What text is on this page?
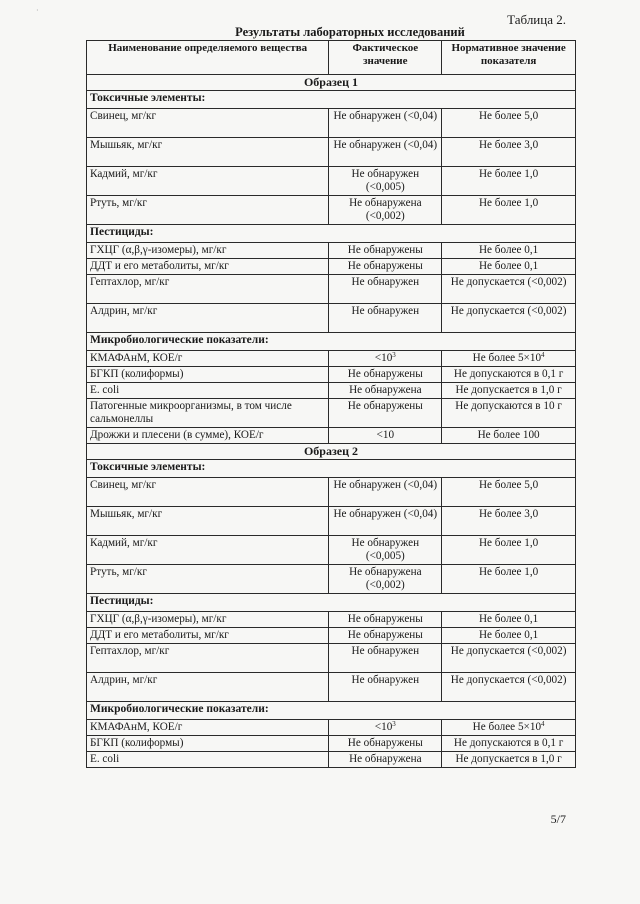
·
Таблица 2.
Результаты лабораторных исследований
Наименование определяемого вещества	Фактическое значение	Нормативное значение показателя
Образец 1		
Токсичные элементы:		
Свинец, мг/кг	Не обнаружен (<0,04)	Не более 5,0
Мышьяк, мг/кг	Не обнаружен (<0,04)	Не более 3,0
Кадмий, мг/кг	Не обнаружен (<0,005)	Не более 1,0
Ртуть, мг/кг	Не обнаружена (<0,002)	Не более 1,0
Пестициды:		
ГХЦГ (α,β,γ-изомеры), мг/кг	Не обнаружены	Не более 0,1
ДДТ и его метаболиты, мг/кг	Не обнаружены	Не более 0,1
Гептахлор, мг/кг	Не обнаружен	Не допускается (<0,002)
Алдрин, мг/кг	Не обнаружен	Не допускается (<0,002)
Микробиологические показатели:		
КМАФАнМ, КОЕ/г	$<10^3$	Не более $5\times 10^4$
БГКП (колиформы)	Не обнаружены	Не допускаются в 0,1 г
E. coli	Не обнаружена	Не допускается в 1,0 г
Патогенные микроорганизмы, в том числе сальмонеллы	Не обнаружены	Не допускаются в 10 г
Дрожжи и плесени (в сумме), КОЕ/г	<10	Не более 100
Образец 2		
Токсичные элементы:		
Свинец, мг/кг	Не обнаружен (<0,04)	Не более 5,0
Мышьяк, мг/кг	Не обнаружен (<0,04)	Не более 3,0
Кадмий, мг/кг	Не обнаружен (<0,005)	Не более 1,0
Ртуть, мг/кг	Не обнаружена (<0,002)	Не более 1,0
Пестициды:		
ГХЦГ (α,β,γ-изомеры), мг/кг	Не обнаружены	Не более 0,1
ДДТ и его метаболиты, мг/кг	Не обнаружены	Не более 0,1
Гептахлор, мг/кг	Не обнаружен	Не допускается (<0,002)
Алдрин, мг/кг	Не обнаружен	Не допускается (<0,002)
Микробиологические показатели:		
КМАФАнМ, КОЕ/г	$<10^3$	Не более $5\times 10^4$
БГКП (колиформы)	Не обнаружены	Не допускаются в 0,1 г
E. coli	Не обнаружена	Не допускается в 1,0 г
5/7
